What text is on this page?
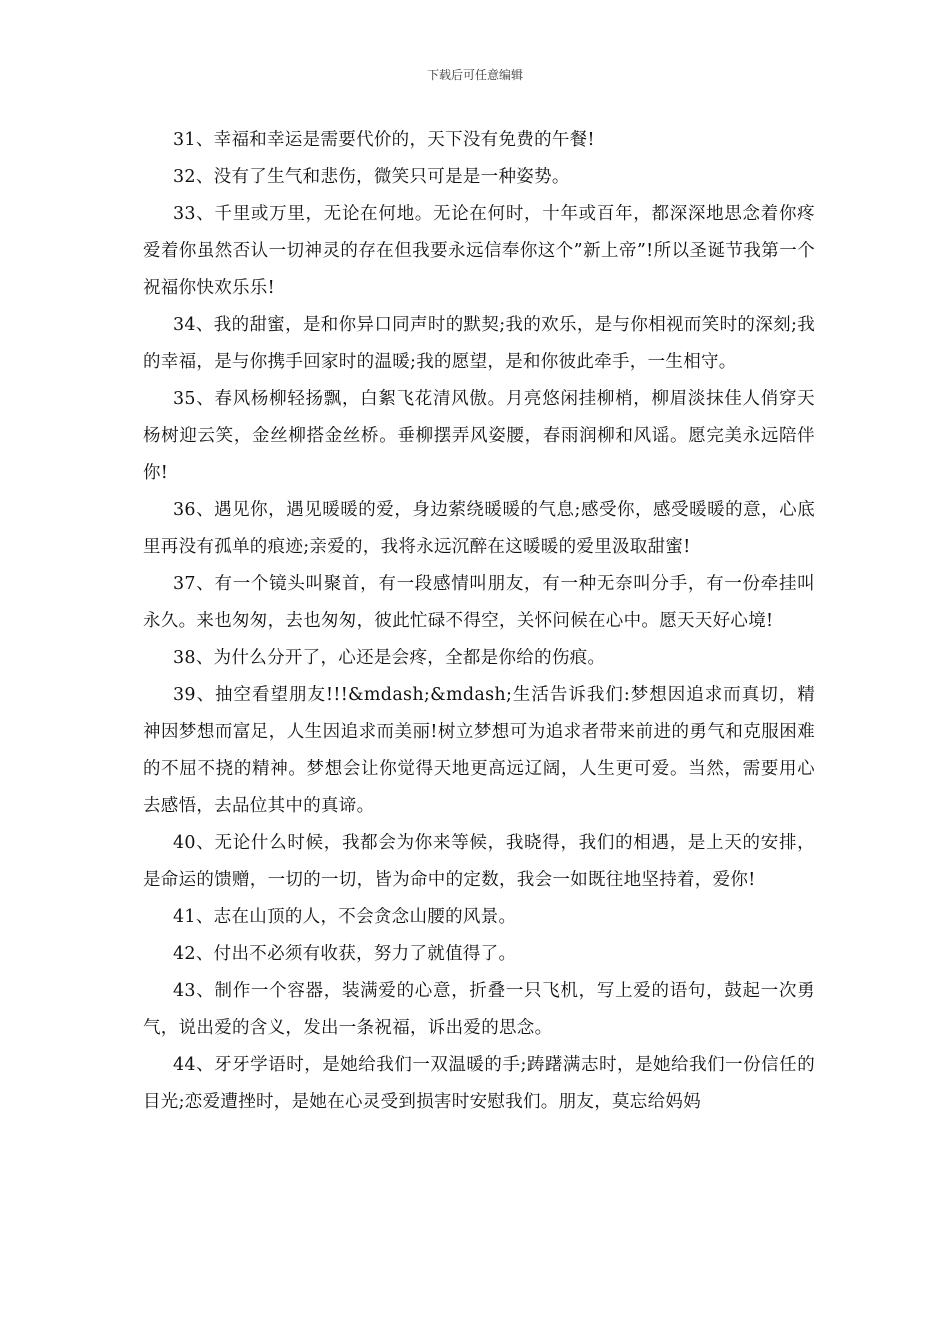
下载后可任意编辑

31、幸福和幸运是需要代价的，天下没有免费的午餐!

32、没有了生气和悲伤，微笑只可是是一种姿势。

33、千里或万里，无论在何地。无论在何时，十年或百年，都深深地思念着你疼爱着你虽然否认一切神灵的存在但我要永远信奉你这个”新上帝”!所以圣诞节我第一个祝福你快欢乐乐!

34、我的甜蜜，是和你异口同声时的默契;我的欢乐，是与你相视而笑时的深刻;我的幸福，是与你携手回家时的温暖;我的愿望，是和你彼此牵手，一生相守。

35、春风杨柳轻扬飘，白絮飞花清风傲。月亮悠闲挂柳梢，柳眉淡抹佳人俏穿天杨树迎云笑，金丝柳搭金丝桥。垂柳摆弄风姿腰，春雨润柳和风谣。愿完美永远陪伴你!

36、遇见你，遇见暖暖的爱，身边萦绕暖暖的气息;感受你，感受暖暖的意，心底里再没有孤单的痕迹;亲爱的，我将永远沉醉在这暖暖的爱里汲取甜蜜!

37、有一个镜头叫聚首，有一段感情叫朋友，有一种无奈叫分手，有一份牵挂叫永久。来也匆匆，去也匆匆，彼此忙碌不得空，关怀问候在心中。愿天天好心境!

38、为什么分开了，心还是会疼，全都是你给的伤痕。

39、抽空看望朋友!!!&mdash;&mdash;生活告诉我们:梦想因追求而真切，精神因梦想而富足，人生因追求而美丽!树立梦想可为追求者带来前进的勇气和克服困难的不屈不挠的精神。梦想会让你觉得天地更高远辽阔，人生更可爱。当然，需要用心去感悟，去品位其中的真谛。

40、无论什么时候，我都会为你来等候，我晓得，我们的相遇，是上天的安排，是命运的馈赠，一切的一切，皆为命中的定数，我会一如既往地坚持着，爱你!

41、志在山顶的人，不会贪念山腰的风景。

42、付出不必须有收获，努力了就值得了。

43、制作一个容器，装满爱的心意，折叠一只飞机，写上爱的语句，鼓起一次勇气，说出爱的含义，发出一条祝福，诉出爱的思念。

44、牙牙学语时，是她给我们一双温暖的手;踌躇满志时，是她给我们一份信任的目光;恋爱遭挫时，是她在心灵受到损害时安慰我们。朋友，莫忘给妈妈
